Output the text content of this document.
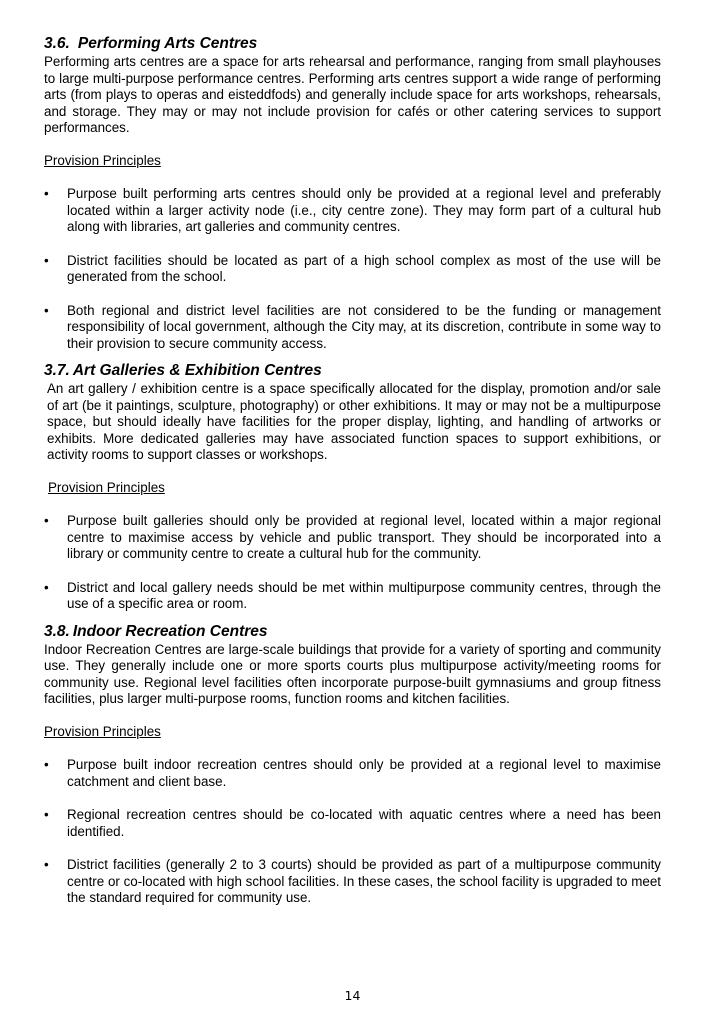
3.6. Performing Arts Centres

Performing arts centres are a space for arts rehearsal and performance, ranging from small playhouses to large multi-purpose performance centres. Performing arts centres support a wide range of performing arts (from plays to operas and eisteddfods) and generally include space for arts workshops, rehearsals, and storage. They may or may not include provision for cafés or other catering services to support performances.

Provision Principles

• Purpose built performing arts centres should only be provided at a regional level and preferably located within a larger activity node (i.e., city centre zone). They may form part of a cultural hub along with libraries, art galleries and community centres.
• District facilities should be located as part of a high school complex as most of the use will be generated from the school.
• Both regional and district level facilities are not considered to be the funding or management responsibility of local government, although the City may, at its discretion, contribute in some way to their provision to secure community access.
3.7. Art Galleries & Exhibition Centres

An art gallery / exhibition centre is a space specifically allocated for the display, promotion and/or sale of art (be it paintings, sculpture, photography) or other exhibitions. It may or may not be a multipurpose space, but should ideally have facilities for the proper display, lighting, and handling of artworks or exhibits. More dedicated galleries may have associated function spaces to support exhibitions, or activity rooms to support classes or workshops.

Provision Principles

• Purpose built galleries should only be provided at regional level, located within a major regional centre to maximise access by vehicle and public transport. They should be incorporated into a library or community centre to create a cultural hub for the community.
• District and local gallery needs should be met within multipurpose community centres, through the use of a specific area or room.
3.8. Indoor Recreation Centres

Indoor Recreation Centres are large-scale buildings that provide for a variety of sporting and community use. They generally include one or more sports courts plus multipurpose activity/meeting rooms for community use. Regional level facilities often incorporate purpose-built gymnasiums and group fitness facilities, plus larger multi-purpose rooms, function rooms and kitchen facilities.

Provision Principles

• Purpose built indoor recreation centres should only be provided at a regional level to maximise catchment and client base.
• Regional recreation centres should be co-located with aquatic centres where a need has been identified.
• District facilities (generally 2 to 3 courts) should be provided as part of a multipurpose community centre or co-located with high school facilities. In these cases, the school facility is upgraded to meet the standard required for community use.
14
